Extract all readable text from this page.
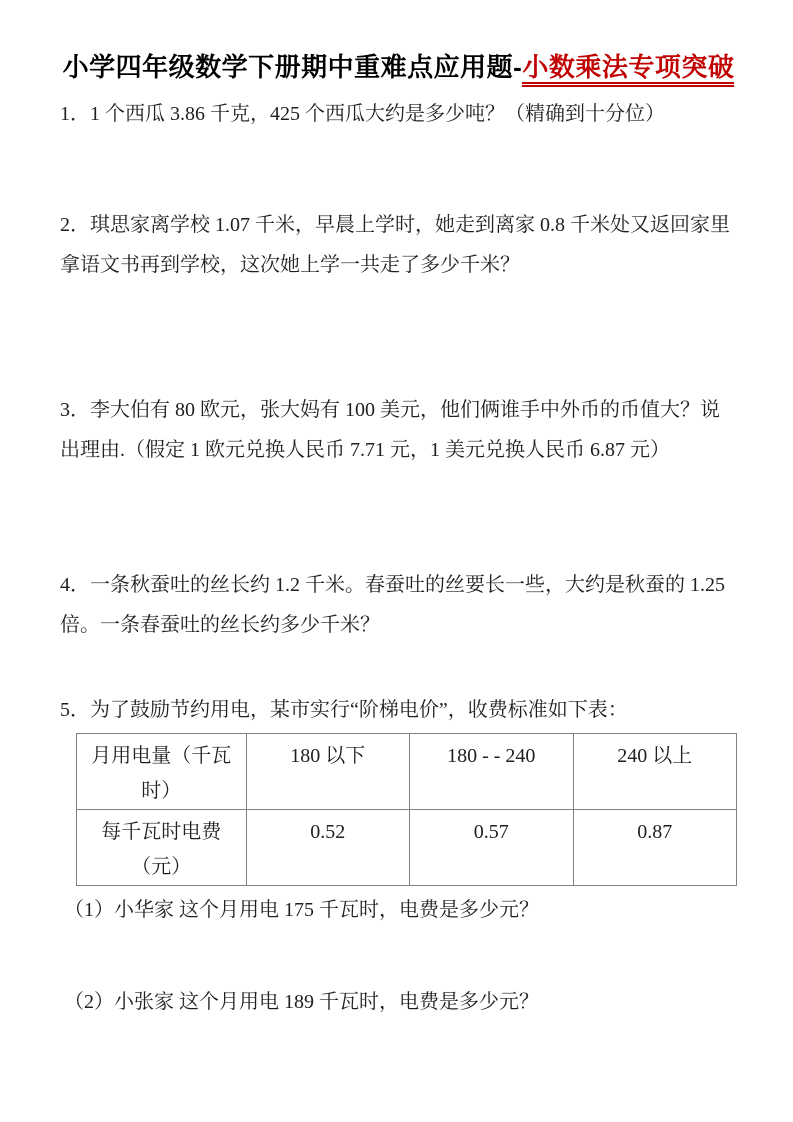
小学四年级数学下册期中重难点应用题-小数乘法专项突破

1．1 个西瓜 3.86 千克，425 个西瓜大约是多少吨？（精确到十分位）

2．琪思家离学校 1.07 千米，早晨上学时，她走到离家 0.8 千米处又返回家里拿语文书再到学校，这次她上学一共走了多少千米？

3．李大伯有 80 欧元，张大妈有 100 美元，他们俩谁手中外币的币值大？说出理由.（假定 1 欧元兑换人民币 7.71 元，1 美元兑换人民币 6.87 元）

4．一条秋蚕吐的丝长约 1.2 千米。春蚕吐的丝要长一些，大约是秋蚕的 1.25 倍。一条春蚕吐的丝长约多少千米？

5．为了鼓励节约用电，某市实行“阶梯电价”，收费标准如下表：

月用电量（千瓦时）	180 以下	180 - - 240	240 以上
每千瓦时电费（元）	0.52	0.57	0.87

（1）小华家 这个月用电 175 千瓦时，电费是多少元？

（2）小张家 这个月用电 189 千瓦时，电费是多少元？
